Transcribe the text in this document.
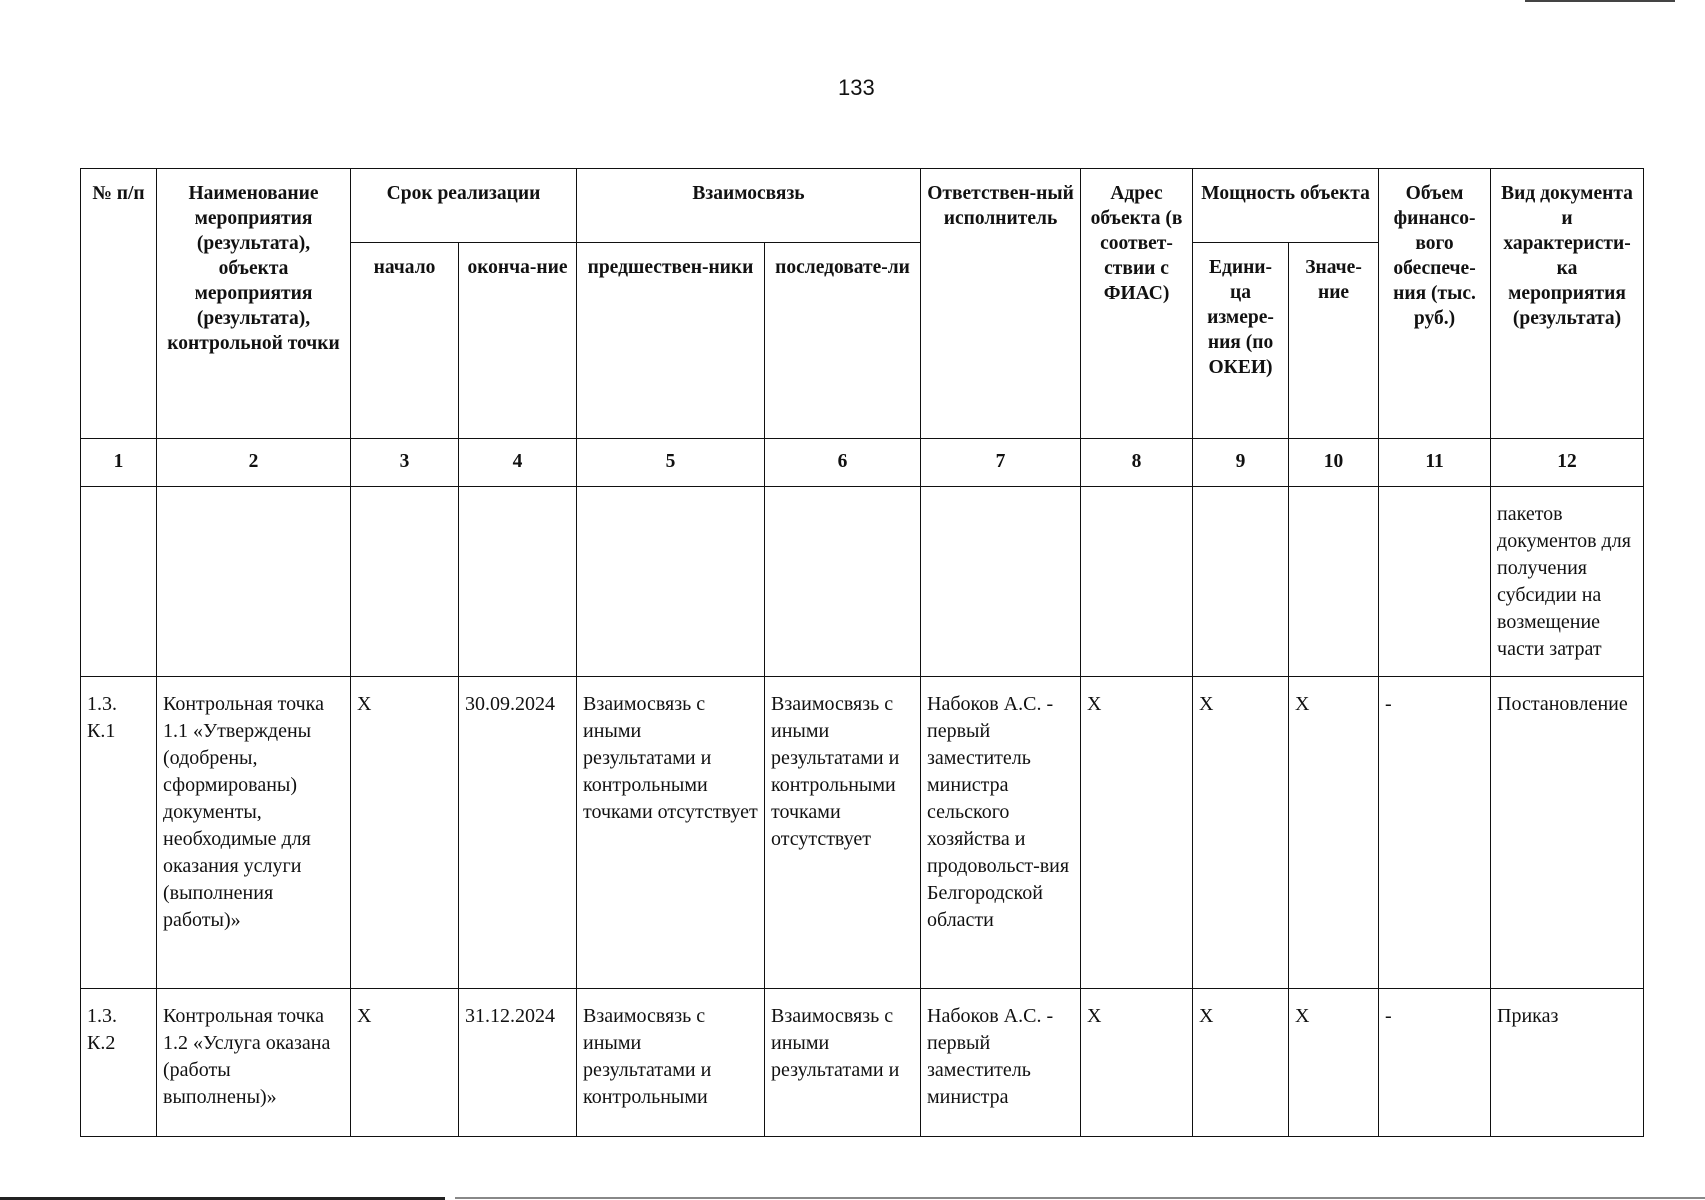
133
№ п/п	Наименование мероприятия (результата), объекта мероприятия (результата), контрольной точки	Срок реализации		Взаимосвязь		Ответствен-ный исполнитель	Адрес объекта (в соответ-ствии с ФИАС)	Мощность объекта		Объем финансо-вого обеспече-ния (тыс. руб.)	Вид документа и характеристи-ка мероприятия (результата)
		начало	оконча-ние	предшествен-ники	последовате-ли			Едини-ца измере-ния (по ОКЕИ)	Значе-ние		
1	2	3	4	5	6	7	8	9	10	11	12
											пакетов документов для получения субсидии на возмещение части затрат
1.3. К.1	Контрольная точка 1.1 «Утверждены (одобрены, сформированы) документы, необходимые для оказания услуги (выполнения работы)»	X	30.09.2024	Взаимосвязь с иными результатами и контрольными точками отсутствует	Взаимосвязь с иными результатами и контрольными точками отсутствует	Набоков А.С. - первый заместитель министра сельского хозяйства и продовольст-вия Белгородской области	X	X	X	-	Постановление
1.3. К.2	Контрольная точка 1.2 «Услуга оказана (работы выполнены)»	X	31.12.2024	Взаимосвязь с иными результатами и контрольными	Взаимосвязь с иными результатами и	Набоков А.С. - первый заместитель министра	X	X	X	-	Приказ
